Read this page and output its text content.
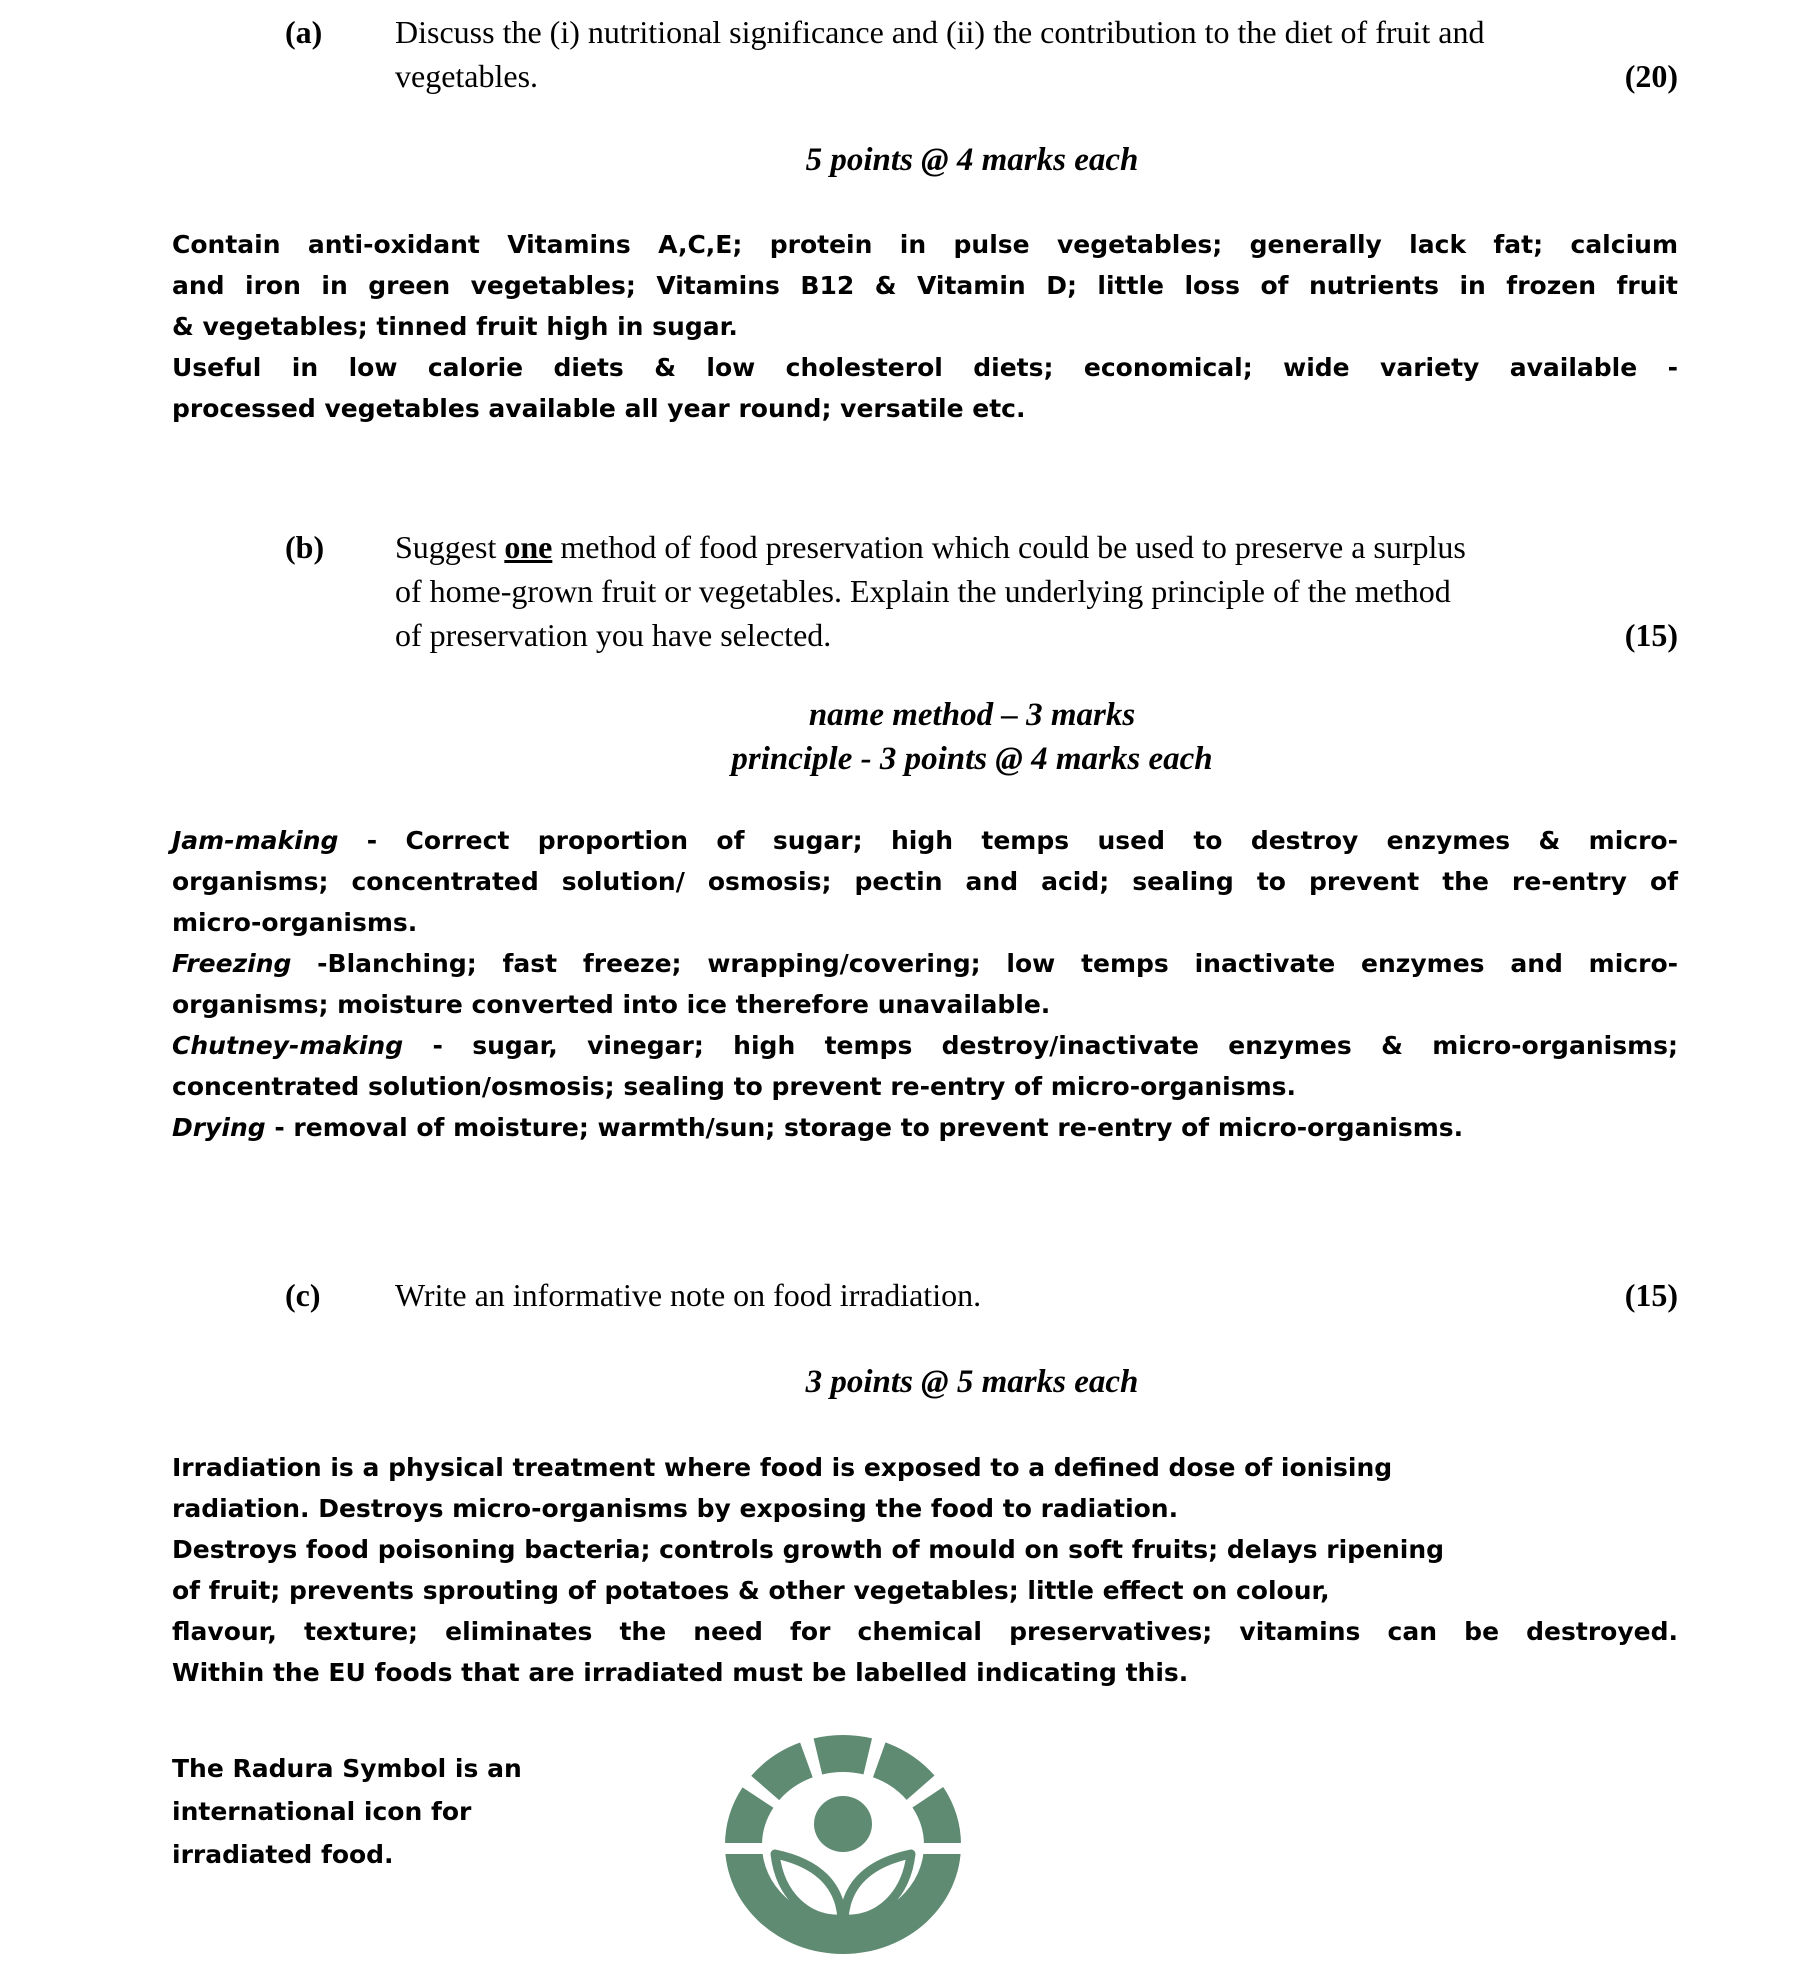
(a) Discuss the (i) nutritional significance and (ii) the contribution to the diet of fruit and
vegetables.	(20)
5 points @ 4 marks each
Contain anti-oxidant Vitamins A,C,E; protein in pulse vegetables; generally lack fat; calcium
and iron in green vegetables; Vitamins B12 & Vitamin D; little loss of nutrients in frozen fruit
& vegetables; tinned fruit high in sugar.
Useful in low calorie diets & low cholesterol diets; economical; wide variety available -
processed vegetables available all year round; versatile etc.
(b) Suggest one method of food preservation which could be used to preserve a surplus
of home-grown fruit or vegetables. Explain the underlying principle of the method
of preservation you have selected.	(15)
name method – 3 marks
principle - 3 points @ 4 marks each
Jam-making - Correct proportion of sugar; high temps used to destroy enzymes & micro-
organisms; concentrated solution/ osmosis; pectin and acid; sealing to prevent the re-entry of
micro-organisms.
Freezing -Blanching; fast freeze; wrapping/covering; low temps inactivate enzymes and micro-
organisms; moisture converted into ice therefore unavailable.
Chutney-making - sugar, vinegar; high temps destroy/inactivate enzymes & micro-organisms;
concentrated solution/osmosis; sealing to prevent re-entry of micro-organisms.
Drying - removal of moisture; warmth/sun; storage to prevent re-entry of micro-organisms.
(c) Write an informative note on food irradiation.	(15)
3 points @ 5 marks each
Irradiation is a physical treatment where food is exposed to a defined dose of ionising
radiation. Destroys micro-organisms by exposing the food to radiation.
Destroys food poisoning bacteria; controls growth of mould on soft fruits; delays ripening
of fruit; prevents sprouting of potatoes & other vegetables; little effect on colour,
flavour, texture; eliminates the need for chemical preservatives; vitamins can be destroyed.
Within the EU foods that are irradiated must be labelled indicating this.
The Radura Symbol is an
international icon for
irradiated food.
